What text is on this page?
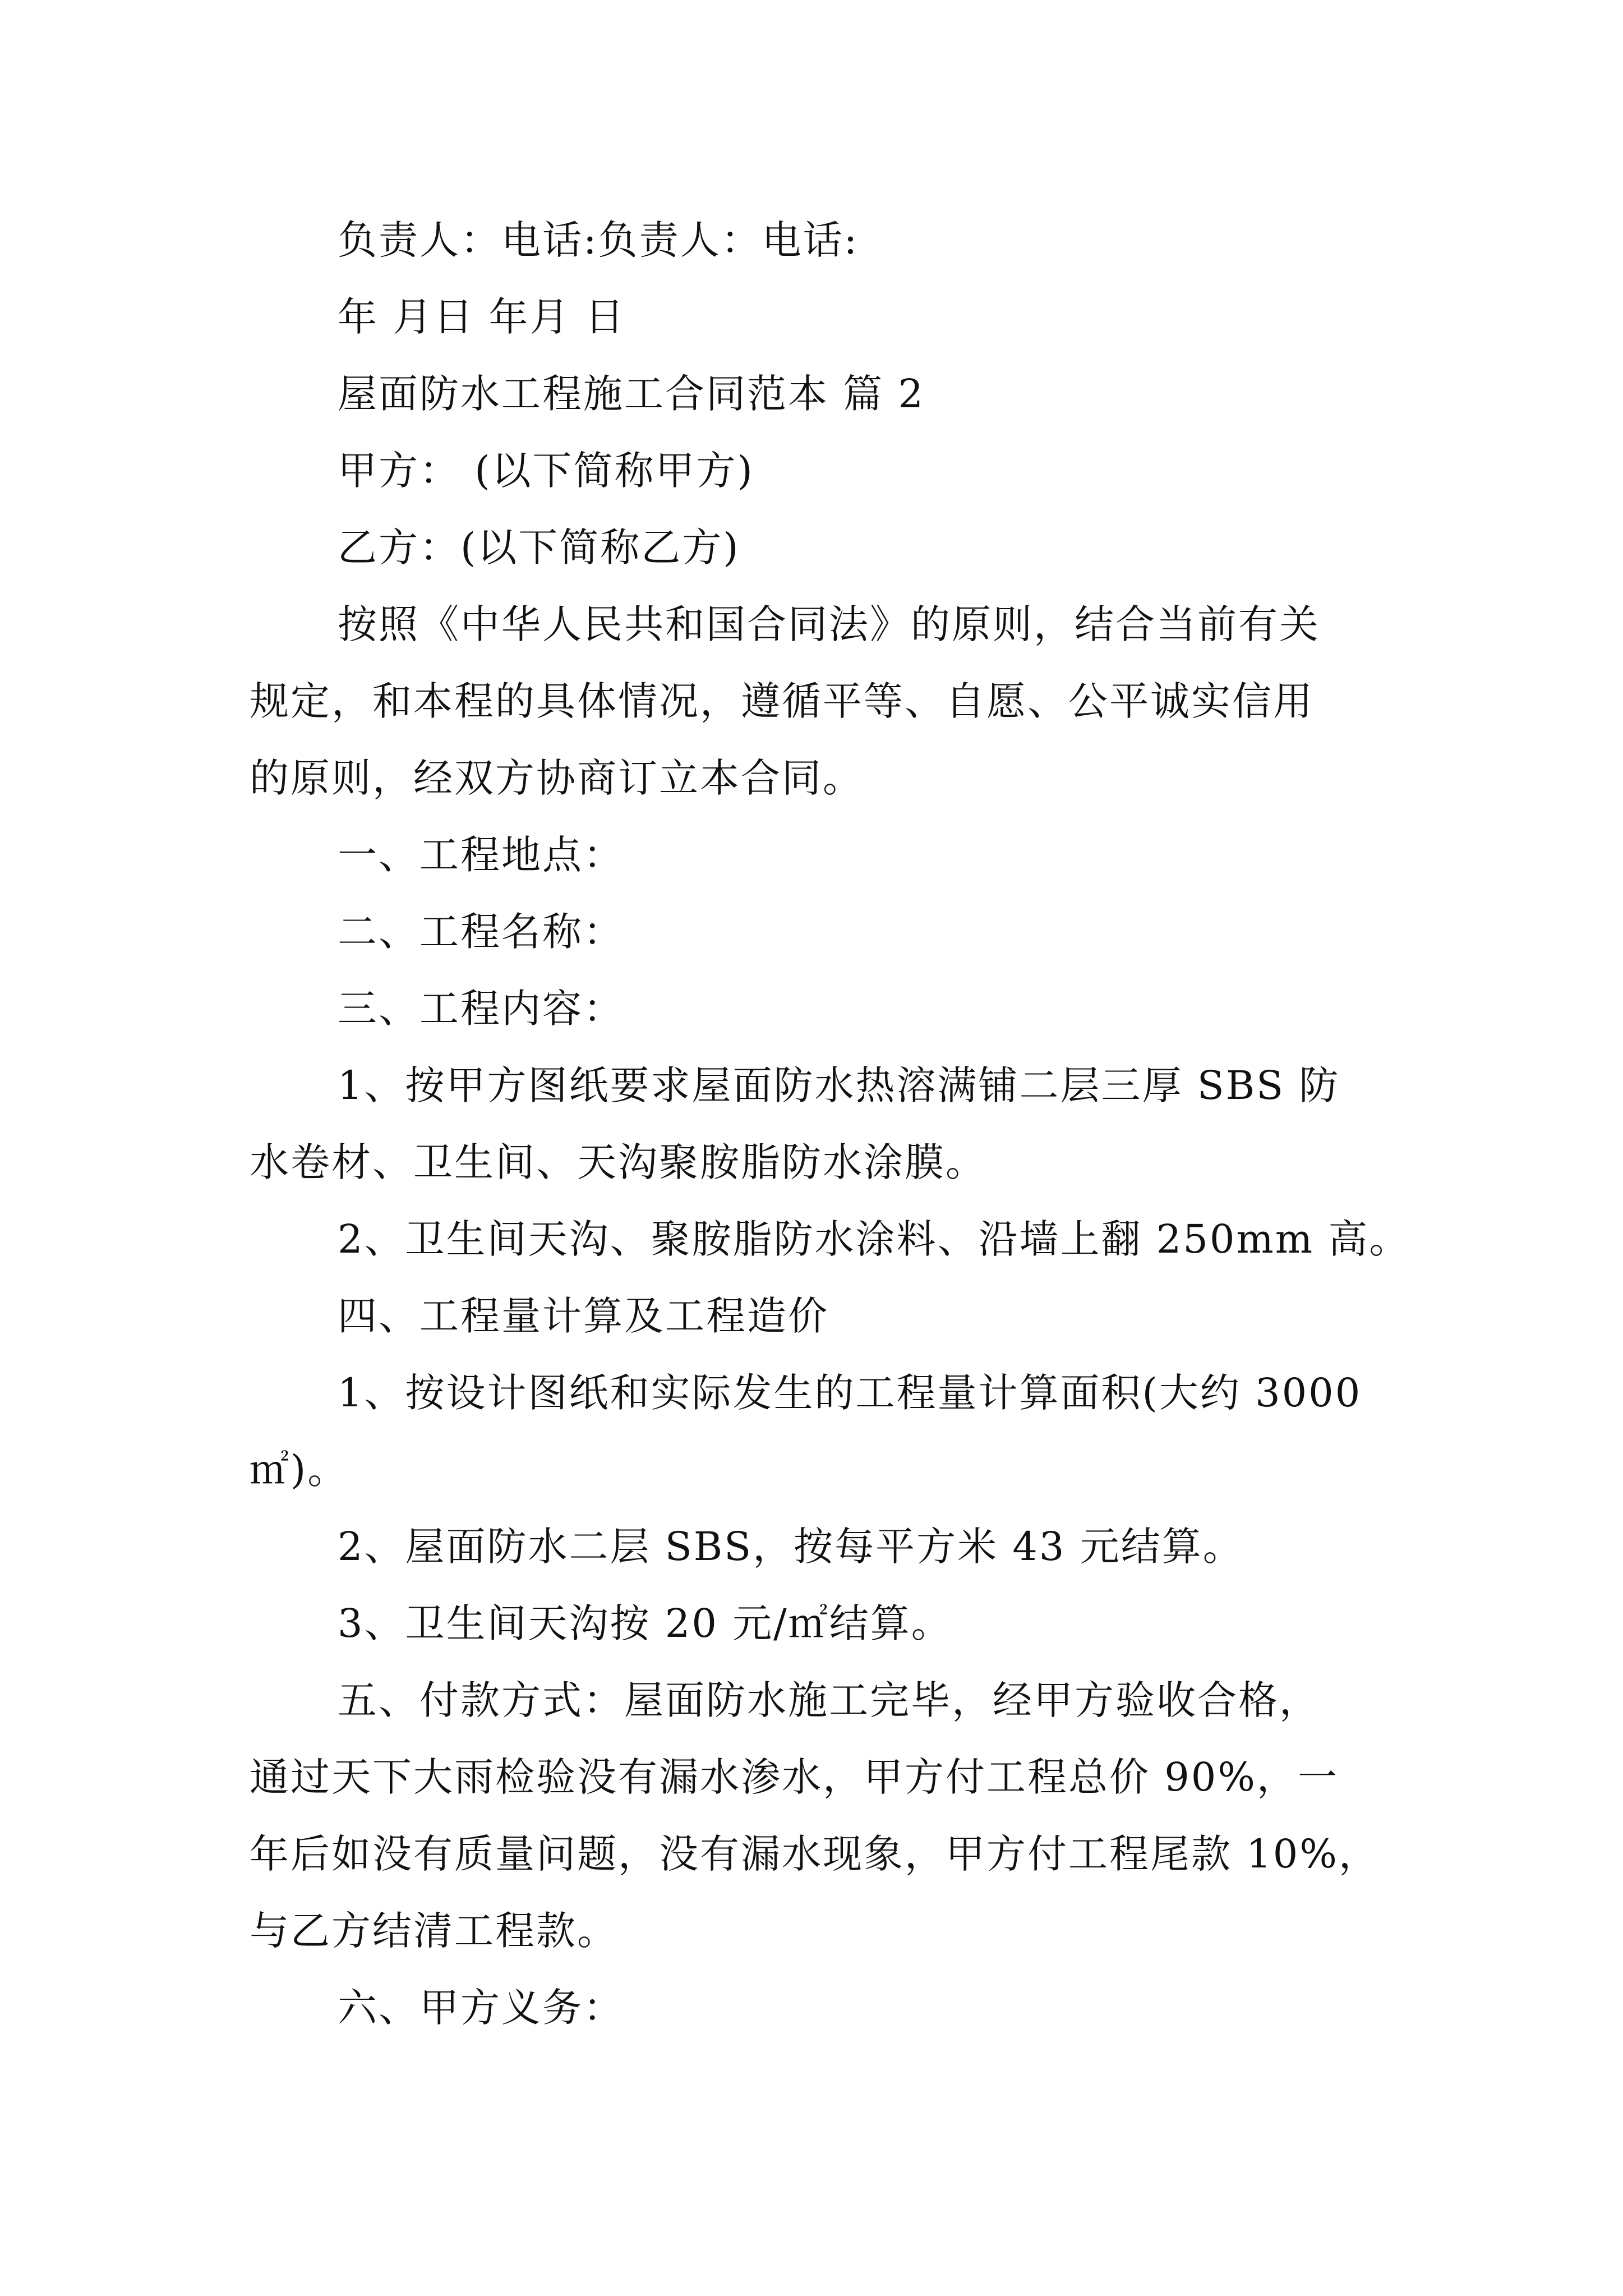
负责人：电话:负责人：电话:
年 月日 年月 日
屋面防水工程施工合同范本 篇 2
甲方： (以下简称甲方)
乙方：(以下简称乙方)
按照《中华人民共和国合同法》的原则，结合当前有关
规定，和本程的具体情况，遵循平等、自愿、公平诚实信用
的原则，经双方协商订立本合同。
一、工程地点：
二、工程名称：
三、工程内容：
1、按甲方图纸要求屋面防水热溶满铺二层三厚 SBS 防
水卷材、卫生间、天沟聚胺脂防水涂膜。
2、卫生间天沟、聚胺脂防水涂料、沿墙上翻 250mm 高。
四、工程量计算及工程造价
1、按设计图纸和实际发生的工程量计算面积(大约 3000
㎡)。
2、屋面防水二层 SBS，按每平方米 43 元结算。
3、卫生间天沟按 20 元/㎡结算。
五、付款方式：屋面防水施工完毕，经甲方验收合格，
通过天下大雨检验没有漏水渗水，甲方付工程总价 90%，一
年后如没有质量问题，没有漏水现象，甲方付工程尾款 10%，
与乙方结清工程款。
六、甲方义务：
